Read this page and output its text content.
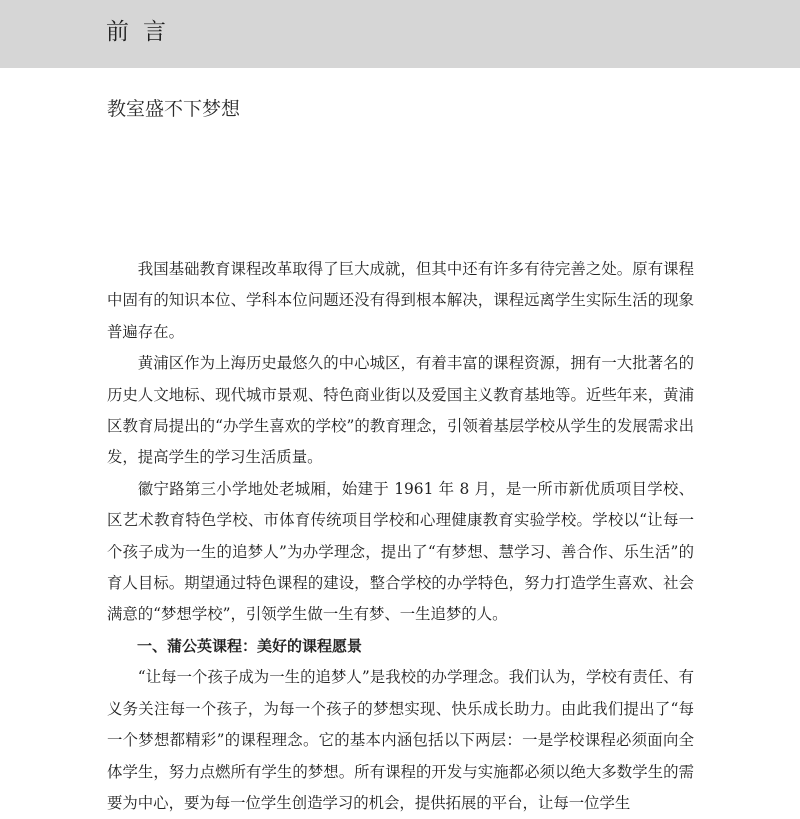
前言
教室盛不下梦想

我国基础教育课程改革取得了巨大成就，但其中还有许多有待完善之处。原有课程中固有的知识本位、学科本位问题还没有得到根本解决，课程远离学生实际生活的现象普遍存在。

黄浦区作为上海历史最悠久的中心城区，有着丰富的课程资源，拥有一大批著名的历史人文地标、现代城市景观、特色商业街以及爱国主义教育基地等。近些年来，黄浦区教育局提出的“办学生喜欢的学校”的教育理念，引领着基层学校从学生的发展需求出发，提高学生的学习生活质量。

徽宁路第三小学地处老城厢，始建于 1961 年 8 月，是一所市新优质项目学校、区艺术教育特色学校、市体育传统项目学校和心理健康教育实验学校。学校以“让每一个孩子成为一生的追梦人”为办学理念，提出了“有梦想、慧学习、善合作、乐生活”的育人目标。期望通过特色课程的建设，整合学校的办学特色，努力打造学生喜欢、社会满意的“梦想学校”，引领学生做一生有梦、一生追梦的人。

一、蒲公英课程：美好的课程愿景

“让每一个孩子成为一生的追梦人”是我校的办学理念。我们认为，学校有责任、有义务关注每一个孩子，为每一个孩子的梦想实现、快乐成长助力。由此我们提出了“每一个梦想都精彩”的课程理念。它的基本内涵包括以下两层：一是学校课程必须面向全体学生，努力点燃所有学生的梦想。所有课程的开发与实施都必须以绝大多数学生的需要为中心，要为每一位学生创造学习的机会，提供拓展的平台，让每一位学生
